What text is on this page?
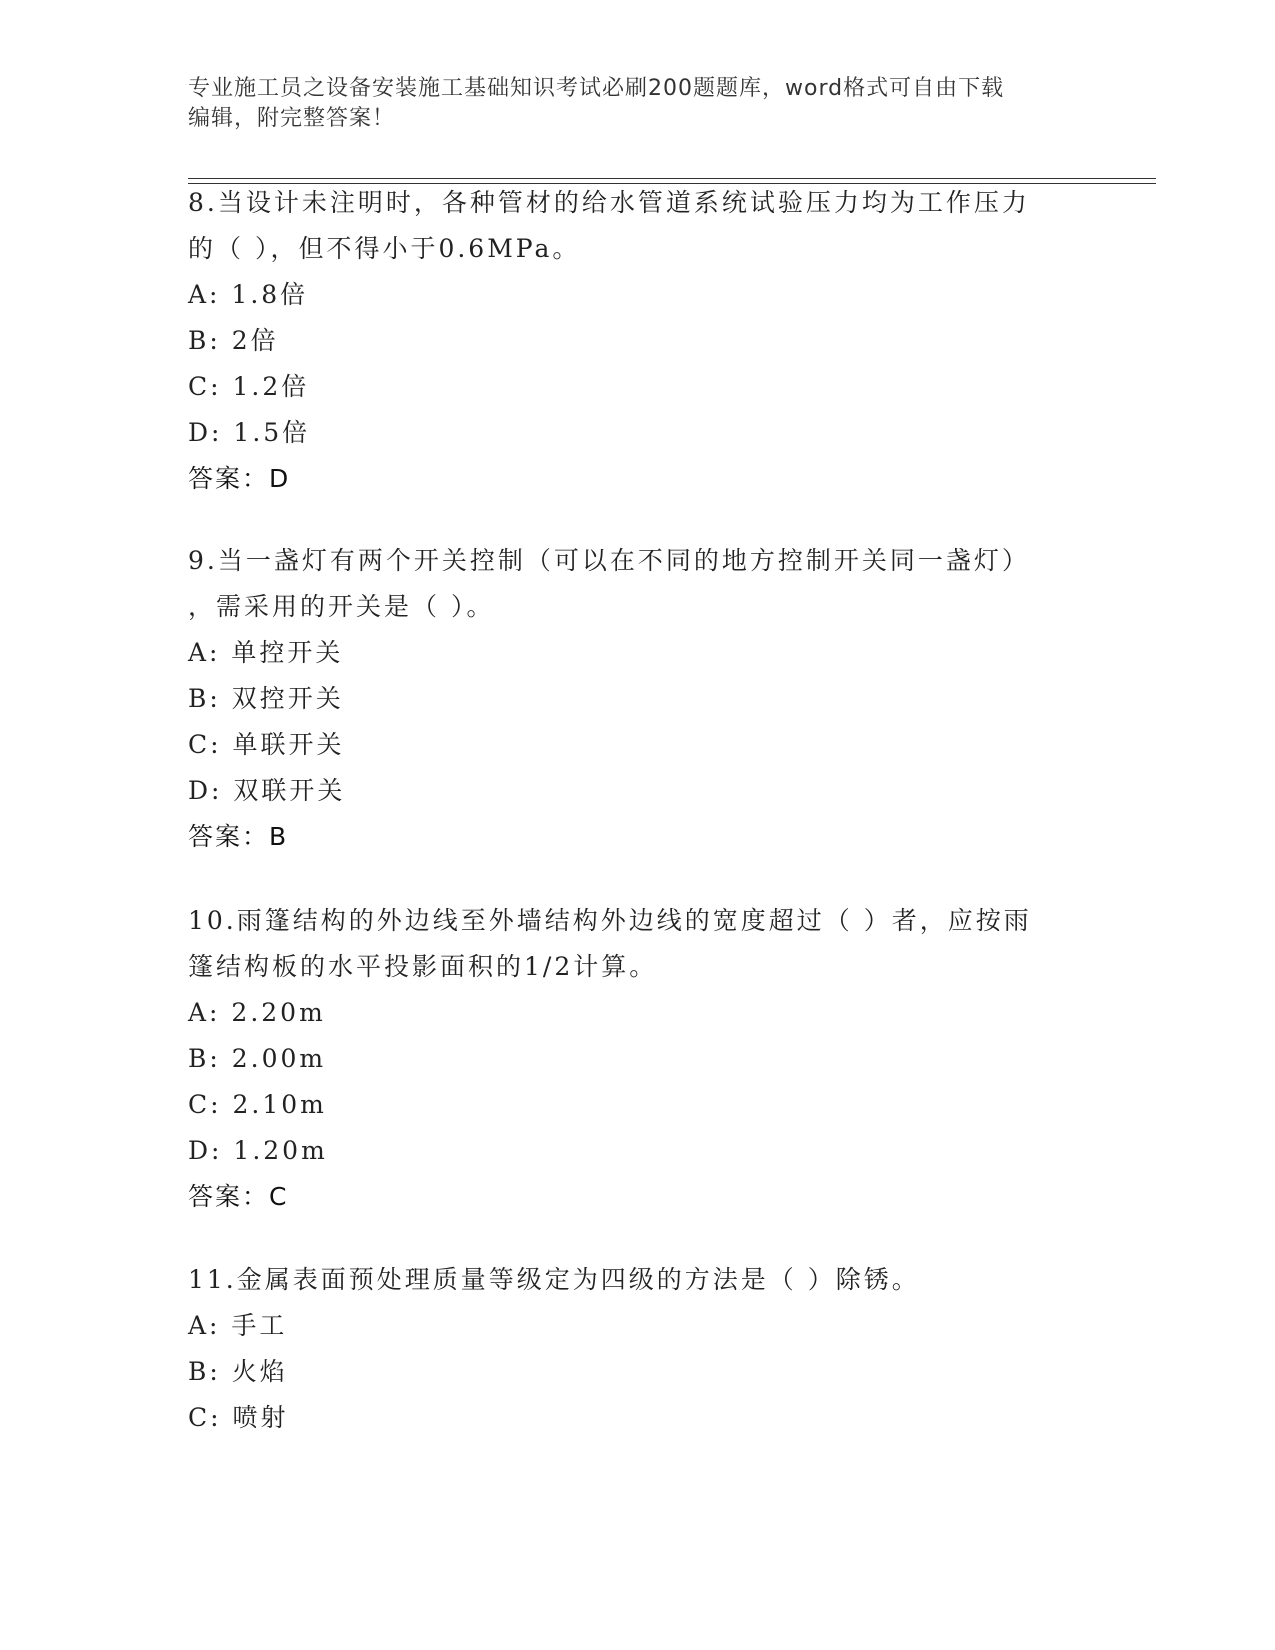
专业施工员之设备安装施工基础知识考试必刷200题题库，word格式可自由下载
编辑，附完整答案！
8.当设计未注明时，各种管材的给水管道系统试验压力均为工作压力
的（ ），但不得小于0.6MPa。
A: 1.8倍
B: 2倍
C: 1.2倍
D: 1.5倍
答案：D
9.当一盏灯有两个开关控制（可以在不同的地方控制开关同一盏灯）
，需采用的开关是（ ）。
A: 单控开关
B: 双控开关
C: 单联开关
D: 双联开关
答案：B
10.雨篷结构的外边线至外墙结构外边线的宽度超过（ ）者，应按雨
篷结构板的水平投影面积的1/2计算。
A: 2.20m
B: 2.00m
C: 2.10m
D: 1.20m
答案：C
11.金属表面预处理质量等级定为四级的方法是（ ）除锈。
A: 手工
B: 火焰
C: 喷射
